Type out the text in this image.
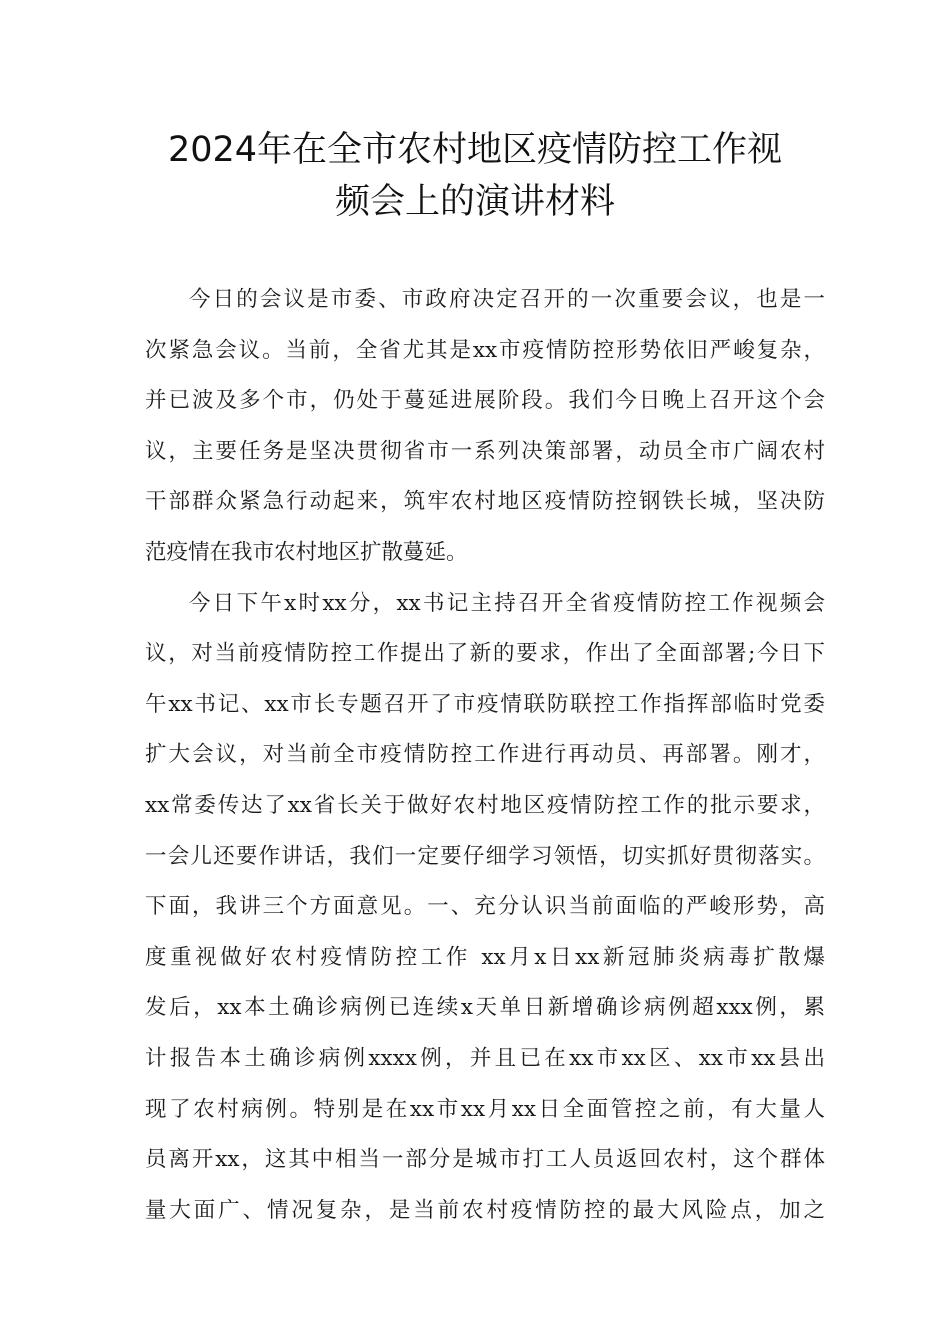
2024年在全市农村地区疫情防控工作视
频会上的演讲材料
今日的会议是市委、市政府决定召开的一次重要会议，也是一
次紧急会议。当前，全省尤其是xx市疫情防控形势依旧严峻复杂，
并已波及多个市，仍处于蔓延进展阶段。我们今日晚上召开这个会
议，主要任务是坚决贯彻省市一系列决策部署，动员全市广阔农村
干部群众紧急行动起来，筑牢农村地区疫情防控钢铁长城，坚决防
范疫情在我市农村地区扩散蔓延。
今日下午x时xx分，xx书记主持召开全省疫情防控工作视频会
议，对当前疫情防控工作提出了新的要求，作出了全面部署;今日下
午xx书记、xx市长专题召开了市疫情联防联控工作指挥部临时党委
扩大会议，对当前全市疫情防控工作进行再动员、再部署。刚才，
xx常委传达了xx省长关于做好农村地区疫情防控工作的批示要求，
一会儿还要作讲话，我们一定要仔细学习领悟，切实抓好贯彻落实。
下面，我讲三个方面意见。一、充分认识当前面临的严峻形势，高
度重视做好农村疫情防控工作 xx月x日xx新冠肺炎病毒扩散爆
发后，xx本土确诊病例已连续x天单日新增确诊病例超xxx例，累
计报告本土确诊病例xxxx例，并且已在xx市xx区、xx市xx县出
现了农村病例。特别是在xx市xx月xx日全面管控之前，有大量人
员离开xx，这其中相当一部分是城市打工人员返回农村，这个群体
量大面广、情况复杂，是当前农村疫情防控的最大风险点，加之
